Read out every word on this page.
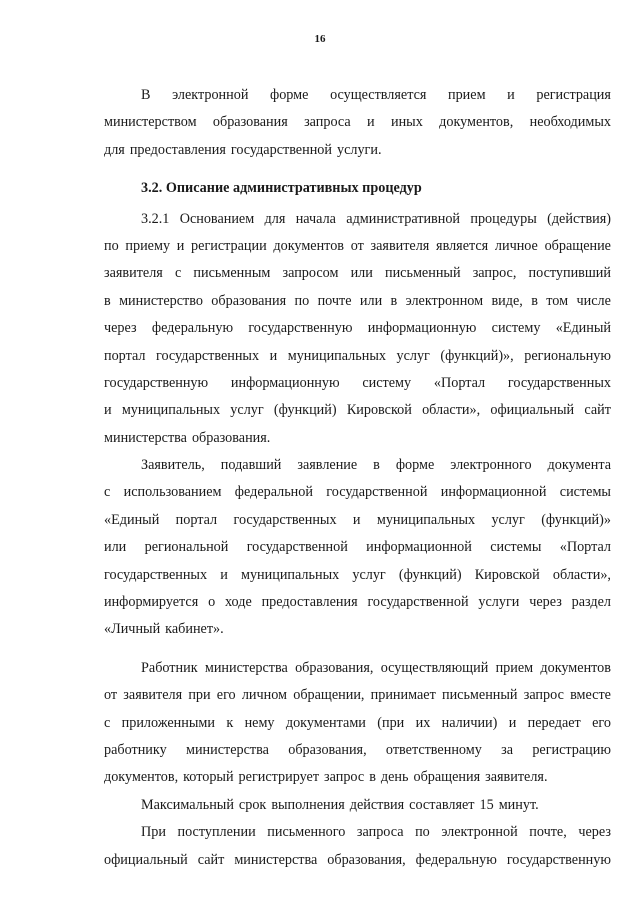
16
В электронной форме осуществляется прием и регистрация
министерством образования запроса и иных документов, необходимых
для предоставления государственной услуги.
3.2. Описание административных процедур
3.2.1 Основанием для начала административной процедуры (действия)
по приему и регистрации документов от заявителя является личное обращение
заявителя с письменным запросом или письменный запрос, поступивший
в министерство образования по почте или в электронном виде, в том числе
через федеральную государственную информационную систему «Единый
портал государственных и муниципальных услуг (функций)», региональную
государственную информационную систему «Портал государственных
и муниципальных услуг (функций) Кировской области», официальный сайт
министерства образования.
Заявитель, подавший заявление в форме электронного документа
с использованием федеральной государственной информационной системы
«Единый портал государственных и муниципальных услуг (функций)»
или региональной государственной информационной системы «Портал
государственных и муниципальных услуг (функций) Кировской области»,
информируется о ходе предоставления государственной услуги через раздел
«Личный кабинет».
Работник министерства образования, осуществляющий прием документов
от заявителя при его личном обращении, принимает письменный запрос вместе
с приложенными к нему документами (при их наличии) и передает его
работнику министерства образования, ответственному за регистрацию
документов, который регистрирует запрос в день обращения заявителя.
Максимальный срок выполнения действия составляет 15 минут.
При поступлении письменного запроса по электронной почте, через
официальный сайт министерства образования, федеральную государственную
